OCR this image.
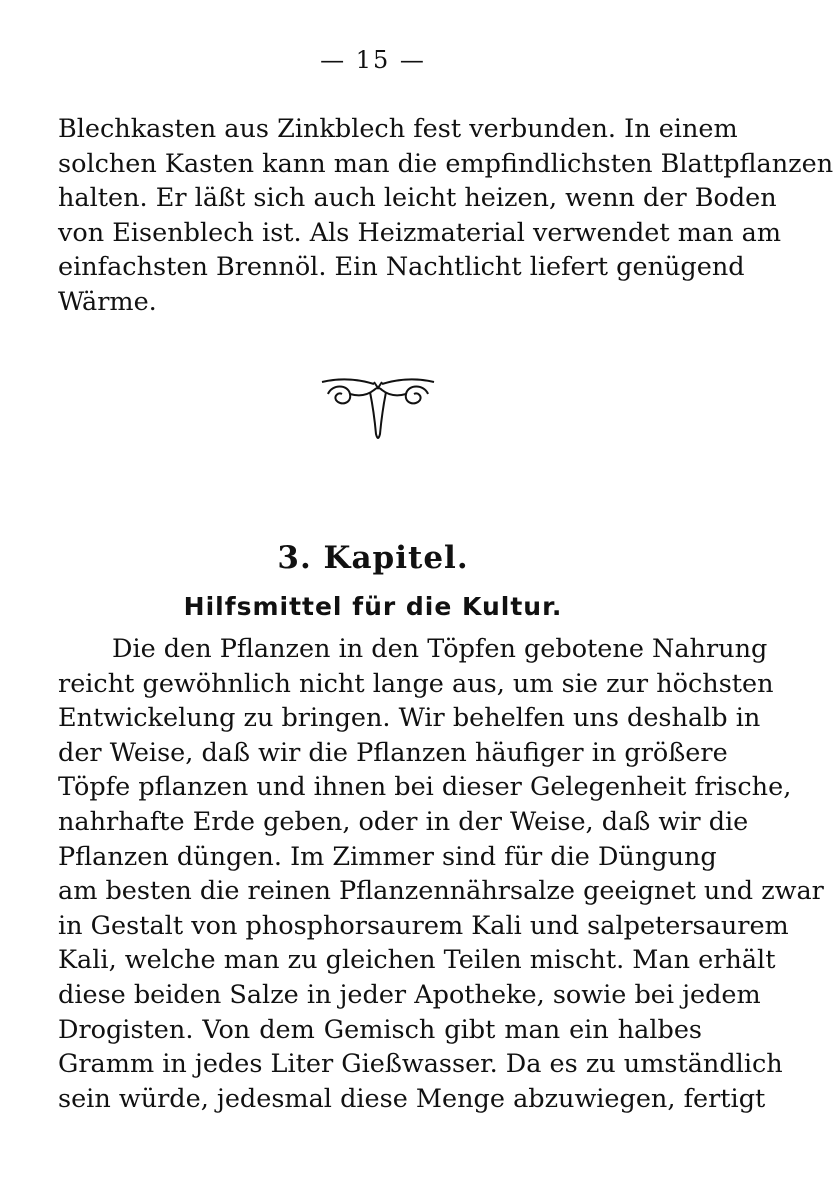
— 15 —
Blechkasten aus Zinkblech fest verbunden. In einem
solchen Kasten kann man die empfindlichsten Blattpflanzen
halten. Er läßt sich auch leicht heizen, wenn der Boden
von Eisenblech ist. Als Heizmaterial verwendet man am
einfachsten Brennöl. Ein Nachtlicht liefert genügend
Wärme.
3. Kapitel.
Hilfsmittel für die Kultur.
Die den Pflanzen in den Töpfen gebotene Nahrung
reicht gewöhnlich nicht lange aus, um sie zur höchsten
Entwickelung zu bringen. Wir behelfen uns deshalb in
der Weise, daß wir die Pflanzen häufiger in größere
Töpfe pflanzen und ihnen bei dieser Gelegenheit frische,
nahrhafte Erde geben, oder in der Weise, daß wir die
Pflanzen düngen. Im Zimmer sind für die Düngung
am besten die reinen Pflanzennährsalze geeignet und zwar
in Gestalt von phosphorsaurem Kali und salpetersaurem
Kali, welche man zu gleichen Teilen mischt. Man erhält
diese beiden Salze in jeder Apotheke, sowie bei jedem
Drogisten. Von dem Gemisch gibt man ein halbes
Gramm in jedes Liter Gießwasser. Da es zu umständlich
sein würde, jedesmal diese Menge abzuwiegen, fertigt
